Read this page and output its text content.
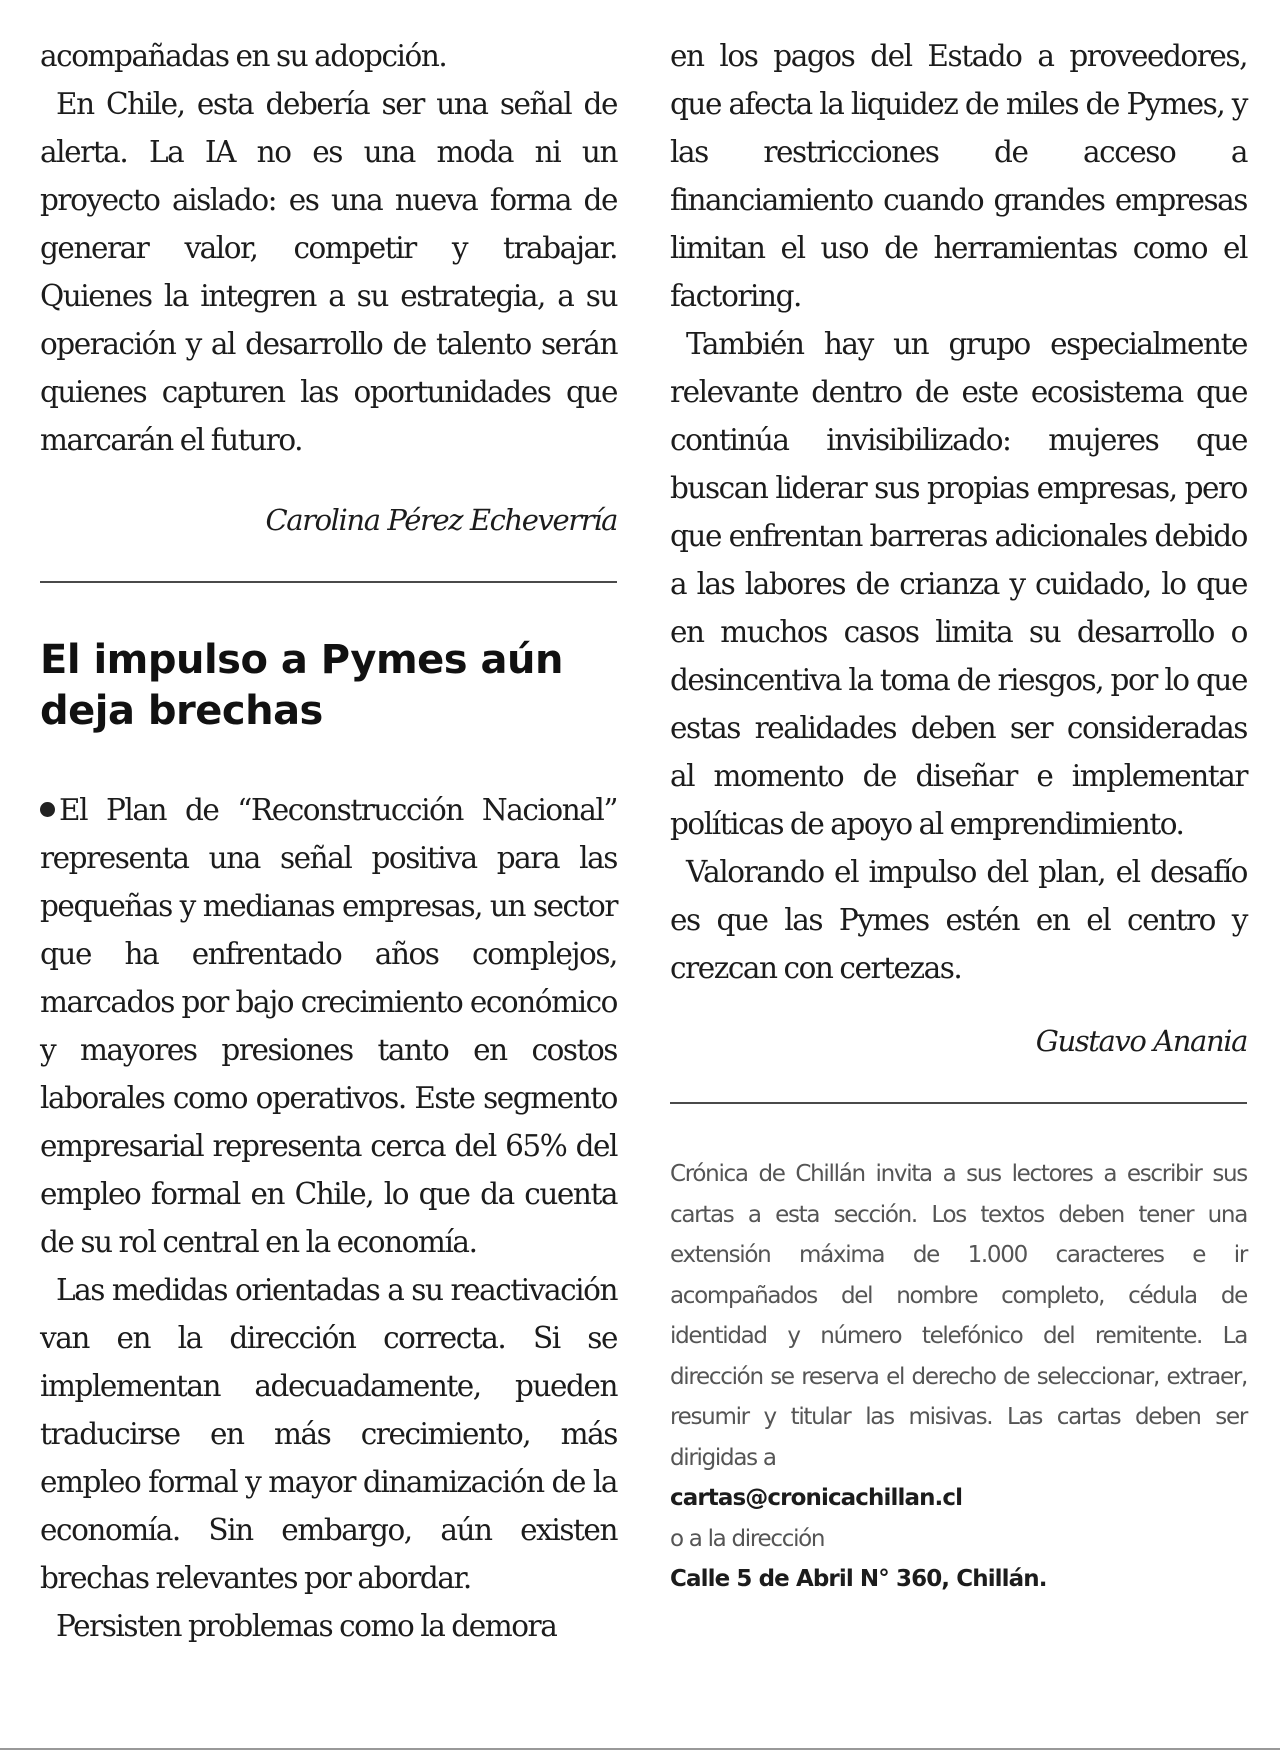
acompañadas en su adopción.

En Chile, esta debería ser una señal de alerta. La IA no es una moda ni un proyecto aislado: es una nueva forma de generar valor, competir y trabajar. Quienes la integren a su estrategia, a su operación y al desarrollo de talento serán quienes capturen las oportunidades que marcarán el futuro.

Carolina Pérez Echeverría

El impulso a Pymes aún deja brechas

El Plan de “Reconstrucción Nacional” representa una señal positiva para las pequeñas y medianas empresas, un sector que ha enfrentado años complejos, marcados por bajo crecimiento económico y mayores presiones tanto en costos laborales como operativos. Este segmento empresarial representa cerca del 65% del empleo formal en Chile, lo que da cuenta de su rol central en la economía.

Las medidas orientadas a su reactivación van en la dirección correcta. Si se implementan adecuadamente, pueden traducirse en más crecimiento, más empleo formal y mayor dinamización de la economía. Sin embargo, aún existen brechas relevantes por abordar.

Persisten problemas como la demora

en los pagos del Estado a proveedores, que afecta la liquidez de miles de Pymes, y las restricciones de acceso a financiamiento cuando grandes empresas limitan el uso de herramientas como el factoring.

También hay un grupo especialmente relevante dentro de este ecosistema que continúa invisibilizado: mujeres que buscan liderar sus propias empresas, pero que enfrentan barreras adicionales debido a las labores de crianza y cuidado, lo que en muchos casos limita su desarrollo o desincentiva la toma de riesgos, por lo que estas realidades deben ser consideradas al momento de diseñar e implementar políticas de apoyo al emprendimiento.

Valorando el impulso del plan, el desafío es que las Pymes estén en el centro y crezcan con certezas.

Gustavo Anania

Crónica de Chillán invita a sus lectores a escribir sus cartas a esta sección. Los textos deben tener una extensión máxima de 1.000 caracteres e ir acompañados del nombre completo, cédula de identidad y número telefónico del remitente. La dirección se reserva el derecho de seleccionar, extraer, resumir y titular las misivas. Las cartas deben ser dirigidas a

cartas@cronicachillan.cl

o a la dirección

Calle 5 de Abril N° 360, Chillán.
